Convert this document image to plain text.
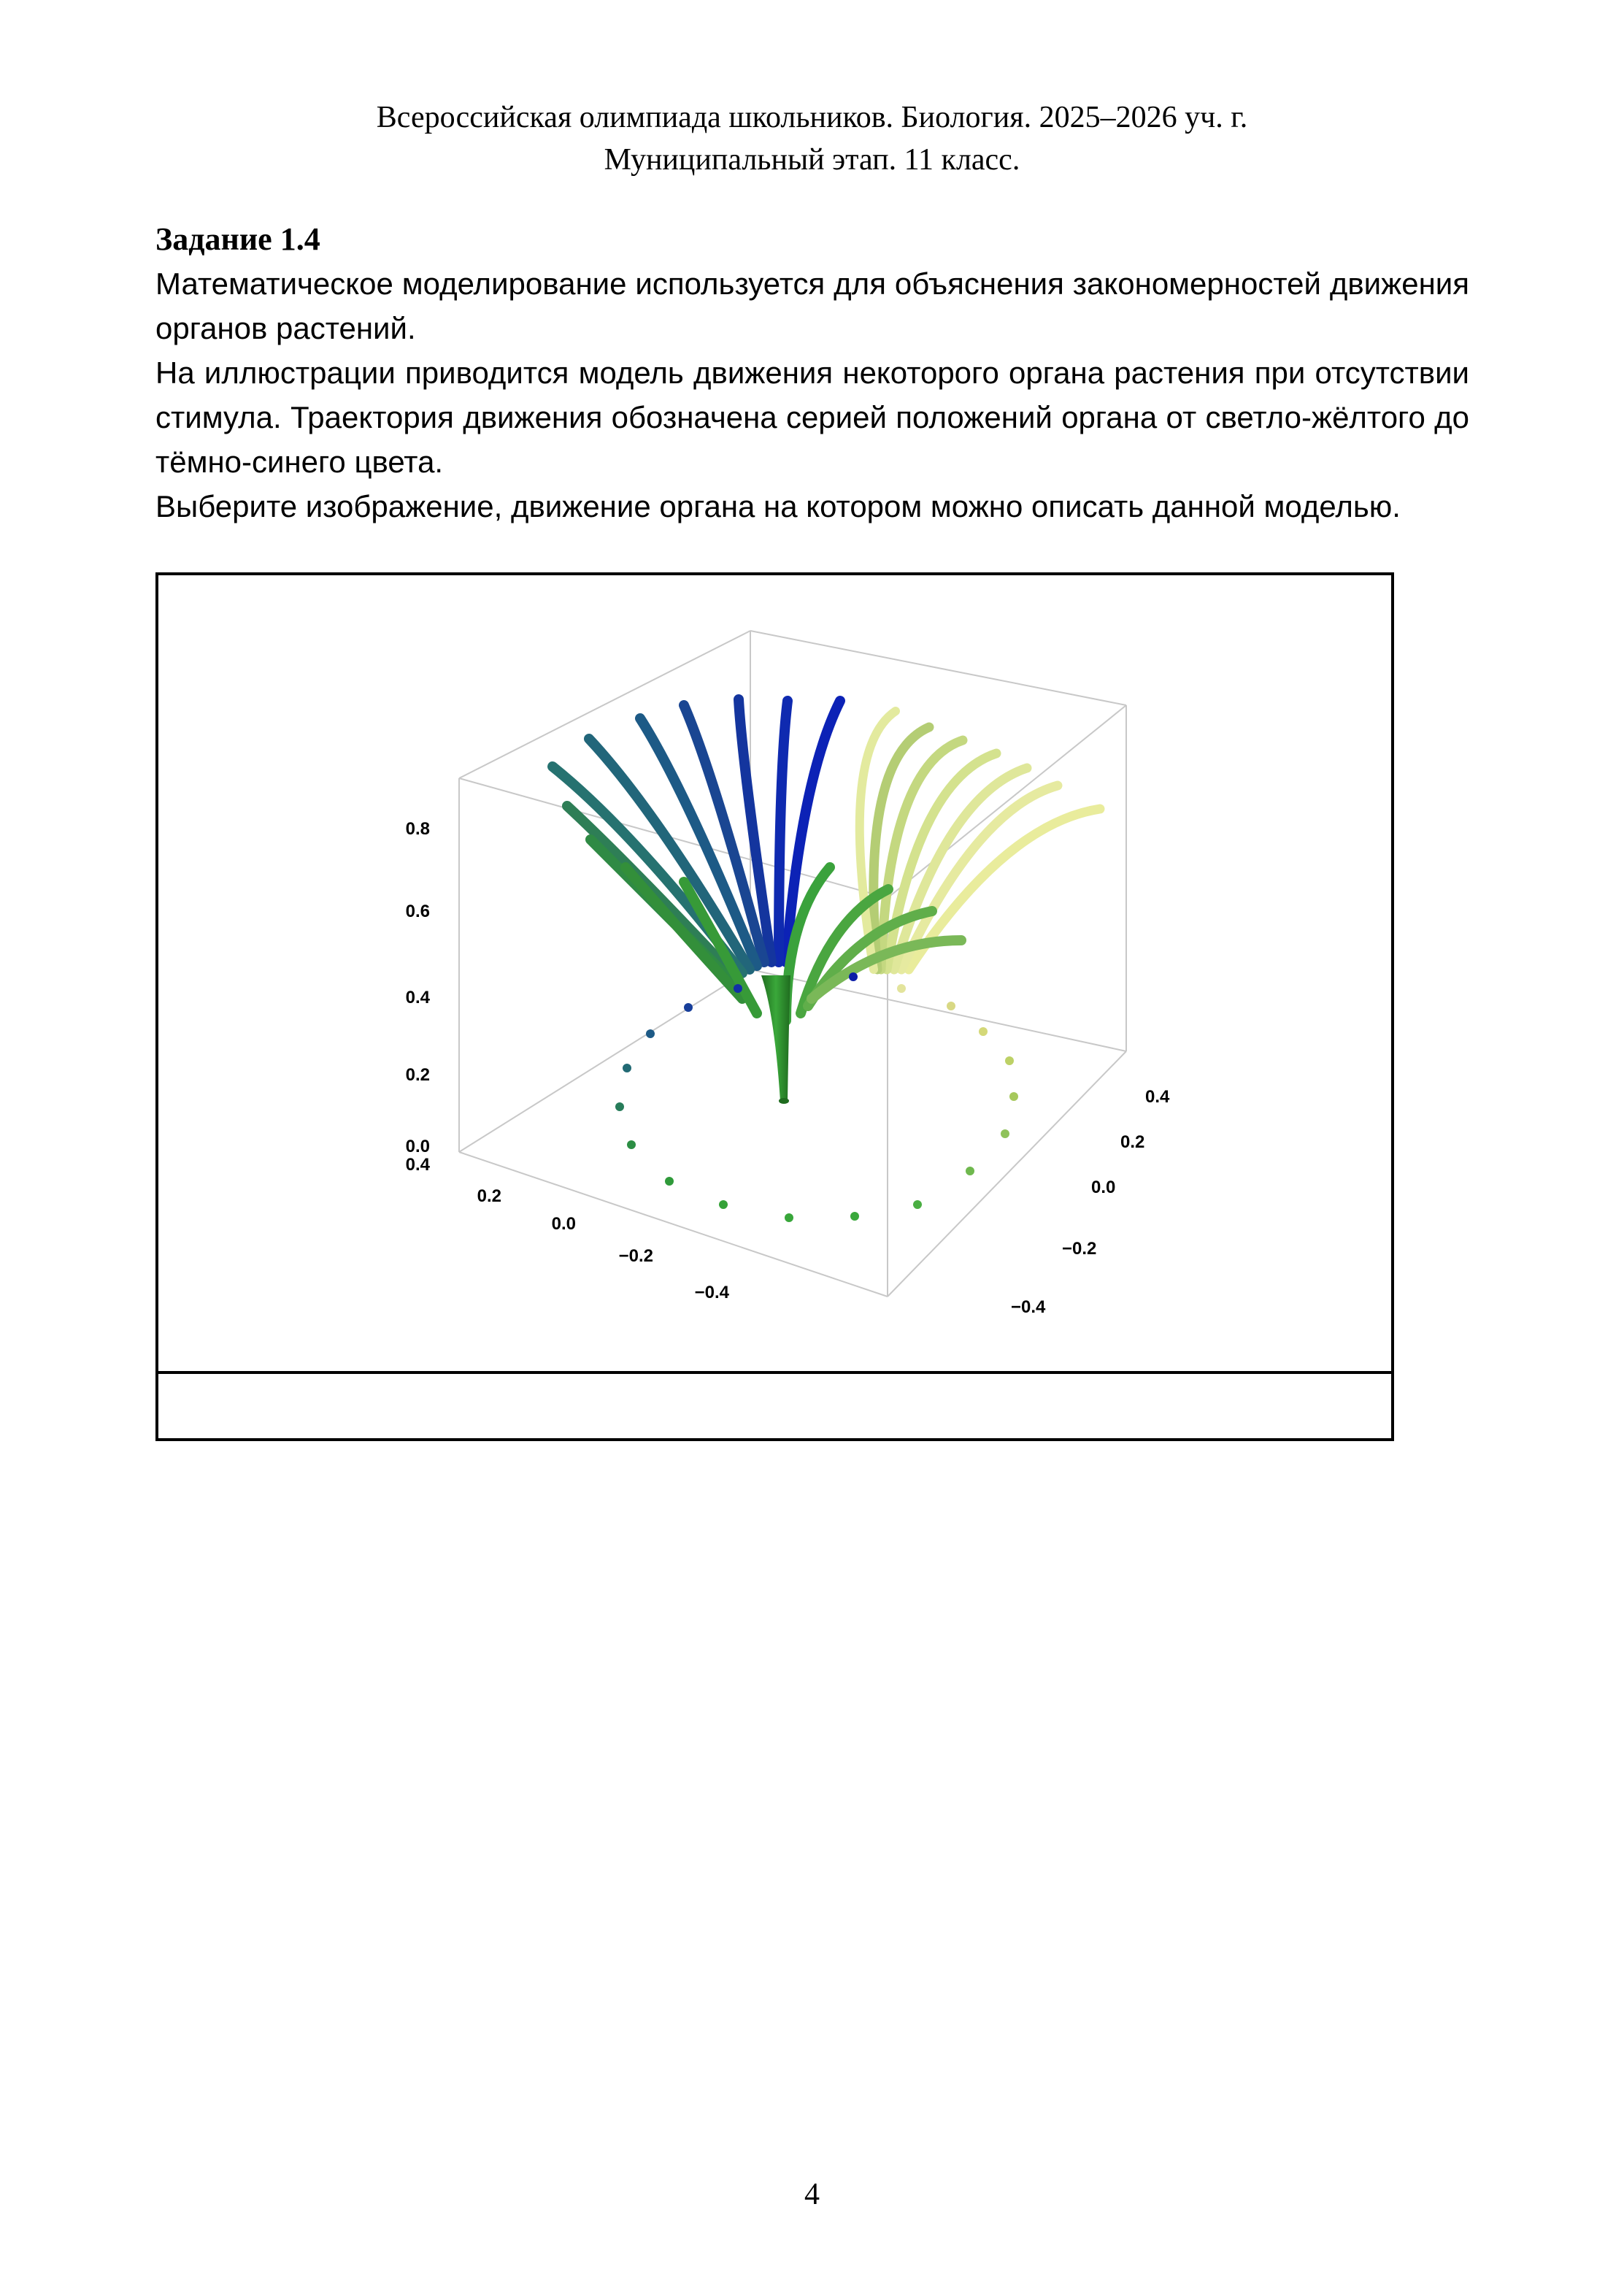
Всероссийская олимпиада школьников. Биология. 2025–2026 уч. г.
Муниципальный этап. 11 класс.

Задание 1.4

Математическое моделирование используется для объяснения закономерностей движения органов растений.

На иллюстрации приводится модель движения некоторого органа растения при отсутствии стимула. Траектория движения обозначена серией положений органа от светло-жёлтого до тёмно-синего цвета.

Выберите изображение, движение органа на котором можно описать данной моделью.

0.8
0.6
0.4
0.2
0.0
0.4
0.2
0.0
−0.2
−0.4
0.4
0.2
0.0
−0.2
−0.4
4
